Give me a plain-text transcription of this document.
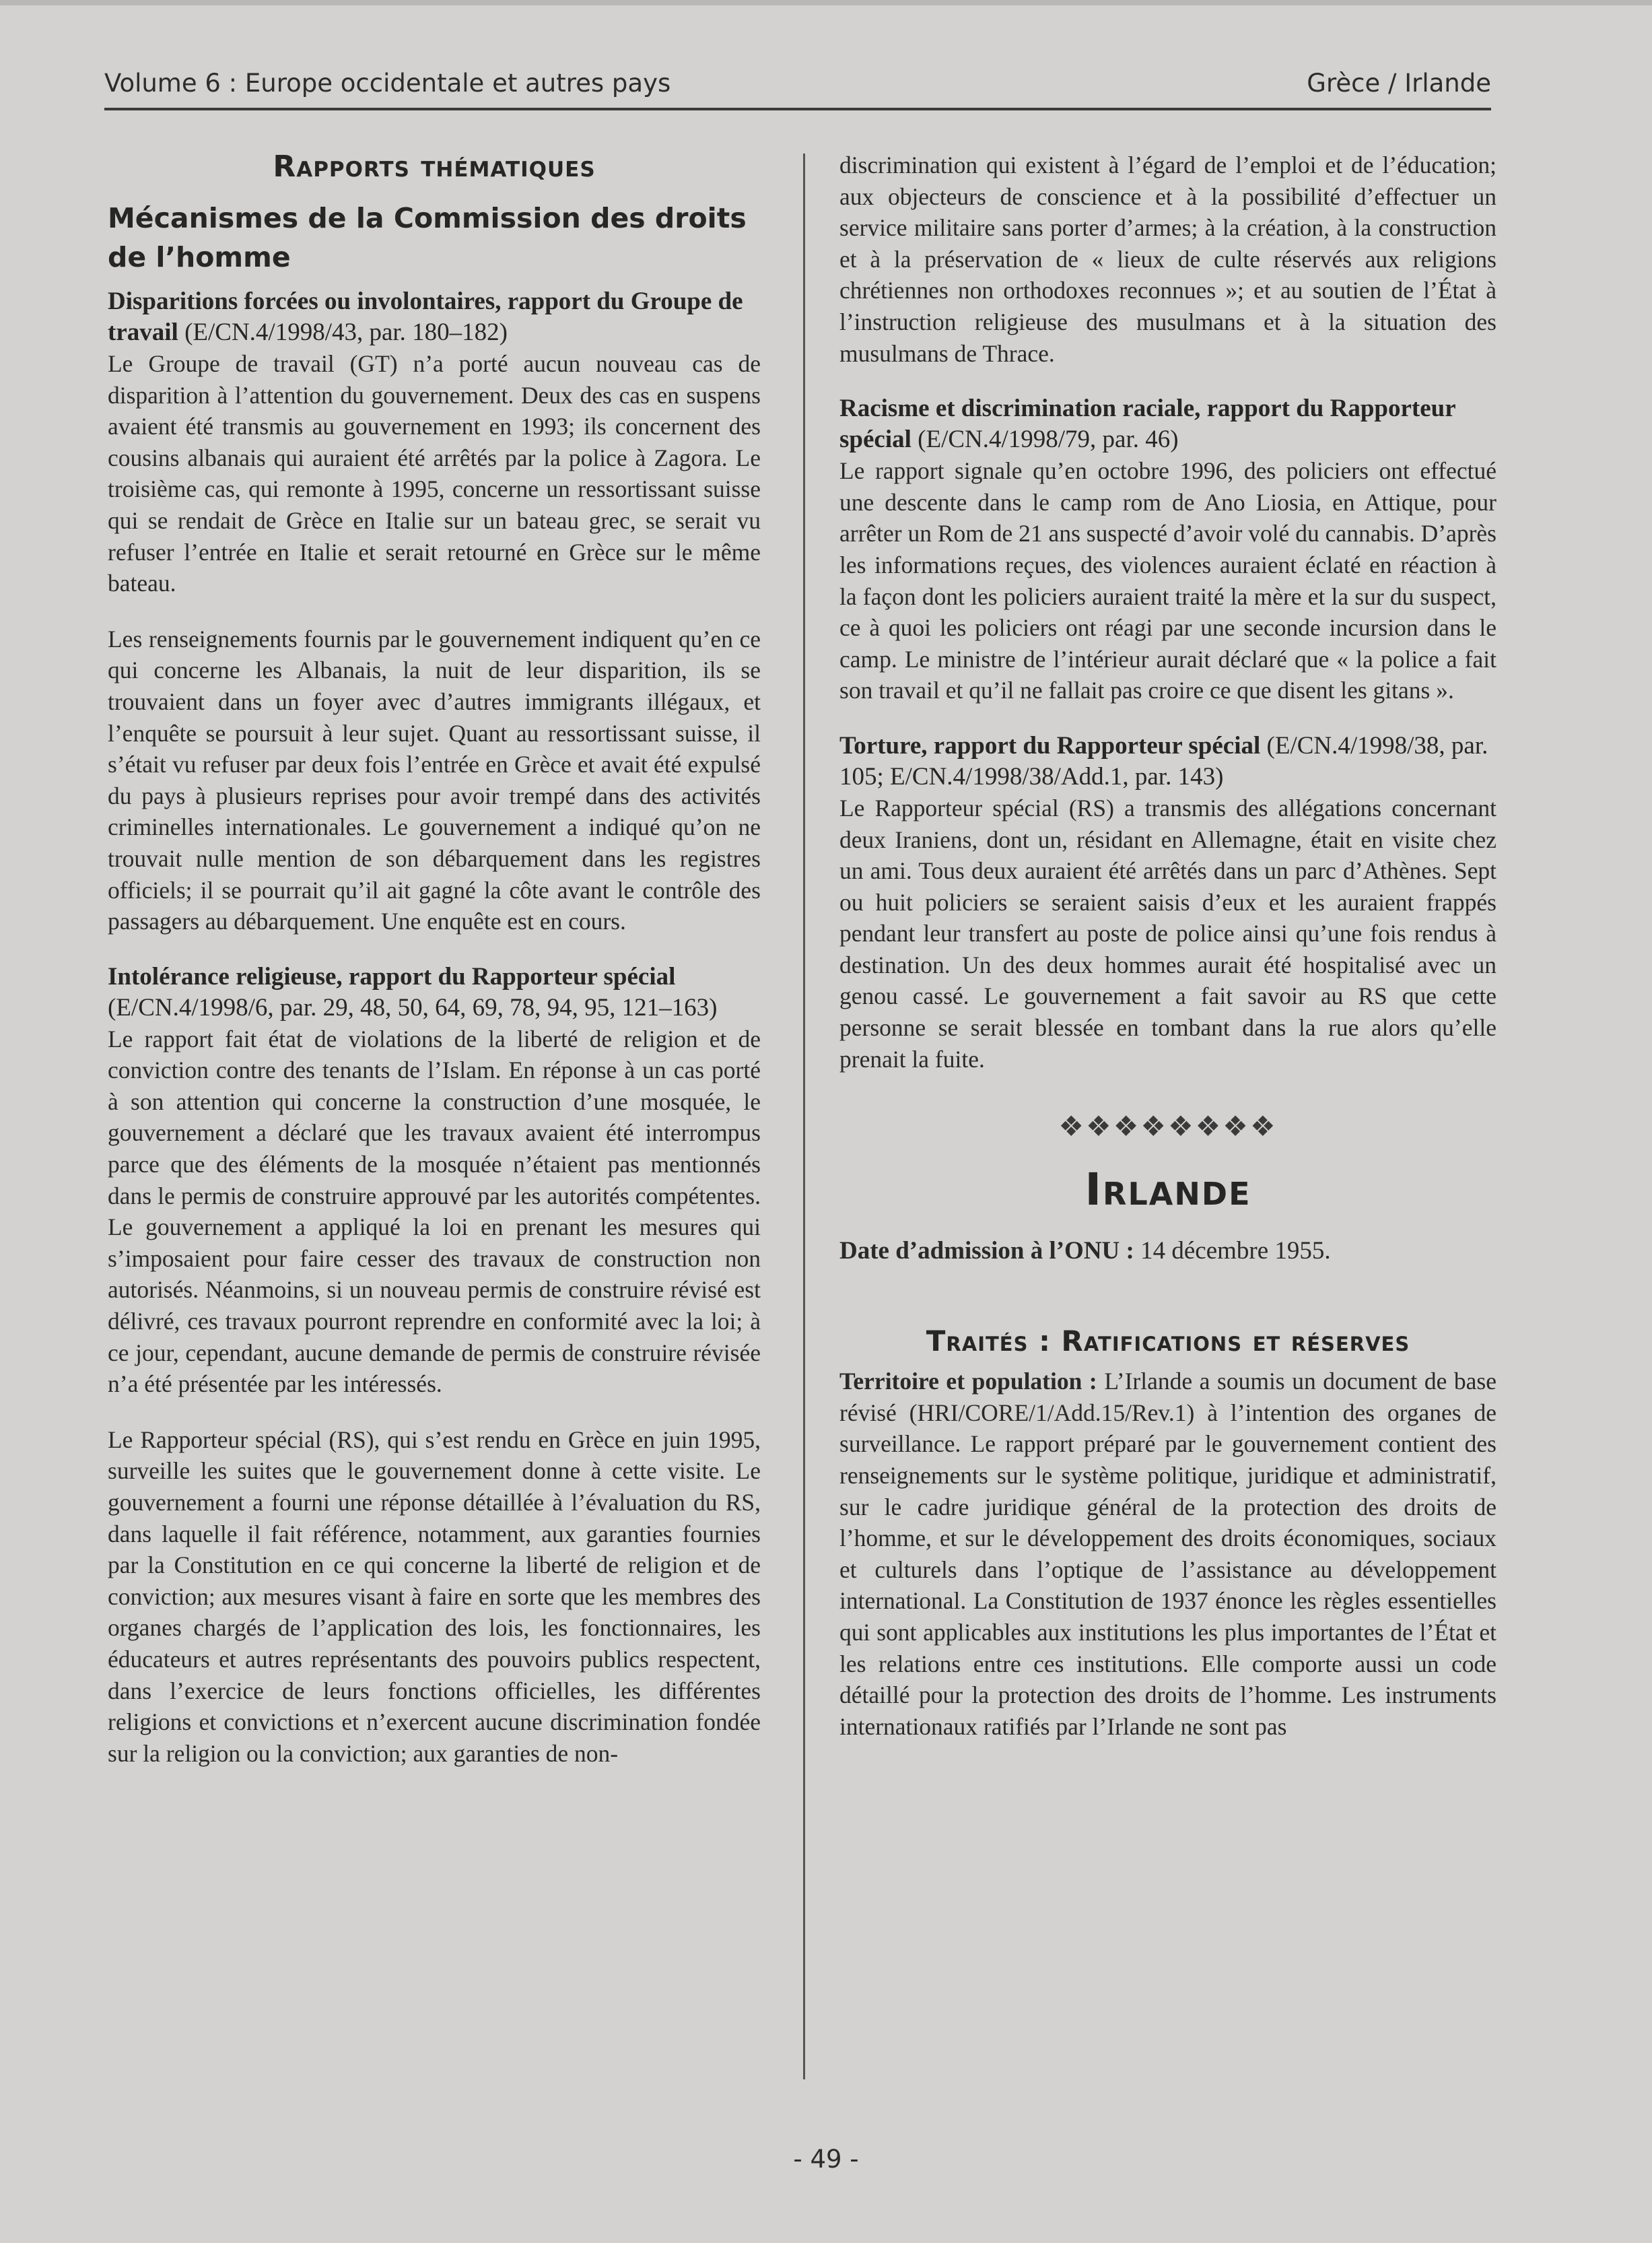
Volume 6 : Europe occidentale et autres pays	Grèce / Irlande
Rapports thématiques
Mécanismes de la Commission des droits de l’homme

Disparitions forcées ou involontaires, rapport du Groupe de travail (E/CN.4/1998/43, par. 180–182)

Le Groupe de travail (GT) n’a porté aucun nouveau cas de disparition à l’attention du gouvernement. Deux des cas en suspens avaient été transmis au gouvernement en 1993; ils concernent des cousins albanais qui auraient été arrêtés par la police à Zagora. Le troisième cas, qui remonte à 1995, concerne un ressortissant suisse qui se rendait de Grèce en Italie sur un bateau grec, se serait vu refuser l’entrée en Italie et serait retourné en Grèce sur le même bateau.

Les renseignements fournis par le gouvernement indiquent qu’en ce qui concerne les Albanais, la nuit de leur disparition, ils se trouvaient dans un foyer avec d’autres immigrants illégaux, et l’enquête se poursuit à leur sujet. Quant au ressortissant suisse, il s’était vu refuser par deux fois l’entrée en Grèce et avait été expulsé du pays à plusieurs reprises pour avoir trempé dans des activités criminelles internationales. Le gouvernement a indiqué qu’on ne trouvait nulle mention de son débarquement dans les registres officiels; il se pourrait qu’il ait gagné la côte avant le contrôle des passagers au débarquement. Une enquête est en cours.

Intolérance religieuse, rapport du Rapporteur spécial (E/CN.4/1998/6, par. 29, 48, 50, 64, 69, 78, 94, 95, 121–163)

Le rapport fait état de violations de la liberté de religion et de conviction contre des tenants de l’Islam. En réponse à un cas porté à son attention qui concerne la construction d’une mosquée, le gouvernement a déclaré que les travaux avaient été interrompus parce que des éléments de la mosquée n’étaient pas mentionnés dans le permis de construire approuvé par les autorités compétentes. Le gouvernement a appliqué la loi en prenant les mesures qui s’imposaient pour faire cesser des travaux de construction non autorisés. Néanmoins, si un nouveau permis de construire révisé est délivré, ces travaux pourront reprendre en conformité avec la loi; à ce jour, cependant, aucune demande de permis de construire révisée n’a été présentée par les intéressés.

Le Rapporteur spécial (RS), qui s’est rendu en Grèce en juin 1995, surveille les suites que le gouvernement donne à cette visite. Le gouvernement a fourni une réponse détaillée à l’évaluation du RS, dans laquelle il fait référence, notamment, aux garanties fournies par la Constitution en ce qui concerne la liberté de religion et de conviction; aux mesures visant à faire en sorte que les membres des organes chargés de l’application des lois, les fonctionnaires, les éducateurs et autres représentants des pouvoirs publics respectent, dans l’exercice de leurs fonctions officielles, les différentes religions et convictions et n’exercent aucune discrimination fondée sur la religion ou la conviction; aux garanties de non-

discrimination qui existent à l’égard de l’emploi et de l’éducation; aux objecteurs de conscience et à la possibilité d’effectuer un service militaire sans porter d’armes; à la création, à la construction et à la préservation de « lieux de culte réservés aux religions chrétiennes non orthodoxes reconnues »; et au soutien de l’État à l’instruction religieuse des musulmans et à la situation des musulmans de Thrace.

Racisme et discrimination raciale, rapport du Rapporteur spécial (E/CN.4/1998/79, par. 46)

Le rapport signale qu’en octobre 1996, des policiers ont effectué une descente dans le camp rom de Ano Liosia, en Attique, pour arrêter un Rom de 21 ans suspecté d’avoir volé du cannabis. D’après les informations reçues, des violences auraient éclaté en réaction à la façon dont les policiers auraient traité la mère et la sur du suspect, ce à quoi les policiers ont réagi par une seconde incursion dans le camp. Le ministre de l’intérieur aurait déclaré que « la police a fait son travail et qu’il ne fallait pas croire ce que disent les gitans ».

Torture, rapport du Rapporteur spécial (E/CN.4/1998/38, par. 105; E/CN.4/1998/38/Add.1, par. 143)

Le Rapporteur spécial (RS) a transmis des allégations concernant deux Iraniens, dont un, résidant en Allemagne, était en visite chez un ami. Tous deux auraient été arrêtés dans un parc d’Athènes. Sept ou huit policiers se seraient saisis d’eux et les auraient frappés pendant leur transfert au poste de police ainsi qu’une fois rendus à destination. Un des deux hommes aurait été hospitalisé avec un genou cassé. Le gouvernement a fait savoir au RS que cette personne se serait blessée en tombant dans la rue alors qu’elle prenait la fuite.

❖❖❖❖❖❖❖❖
Irlande

Date d’admission à l’ONU : 14 décembre 1955.

Traités : Ratifications et réserves

Territoire et population : L’Irlande a soumis un document de base révisé (HRI/CORE/1/Add.15/Rev.1) à l’intention des organes de surveillance. Le rapport préparé par le gouvernement contient des renseignements sur le système politique, juridique et administratif, sur le cadre juridique général de la protection des droits de l’homme, et sur le développement des droits économiques, sociaux et culturels dans l’optique de l’assistance au développement international. La Constitution de 1937 énonce les règles essentielles qui sont applicables aux institutions les plus importantes de l’État et les relations entre ces institutions. Elle comporte aussi un code détaillé pour la protection des droits de l’homme. Les instruments internationaux ratifiés par l’Irlande ne sont pas

- 49 -
